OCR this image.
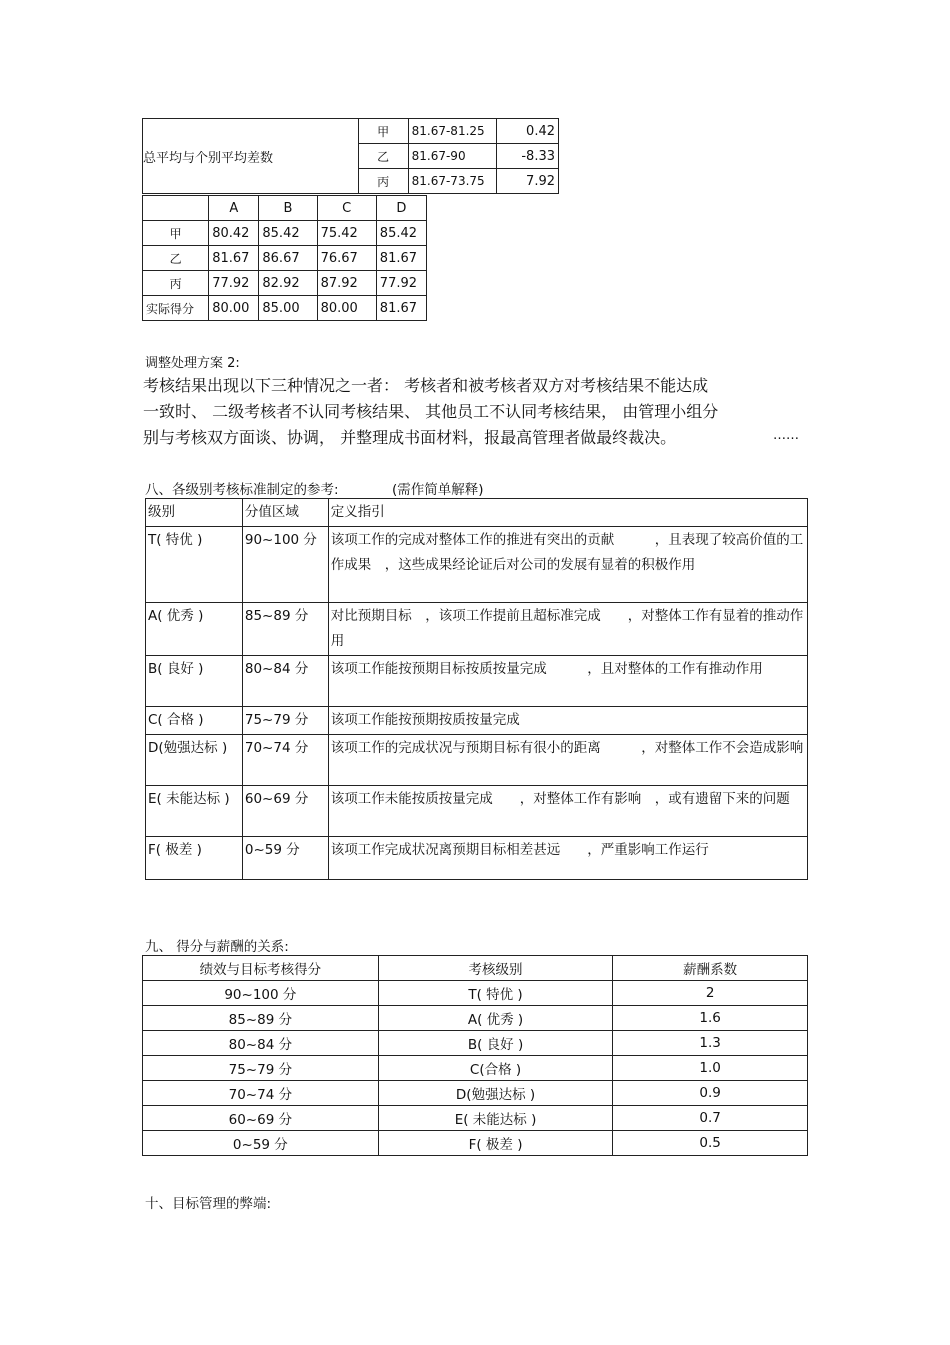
总平均与个别平均差数	甲	81.67-81.25	0.42
	乙	81.67-90	-8.33
	丙	81.67-73.75	7.92
	A	B	C	D
甲	80.42	85.42	75.42	85.42
乙	81.67	86.67	76.67	81.67
丙	77.92	82.92	87.92	77.92
实际得分	80.00	85.00	80.00	81.67
调整处理方案 2:
考核结果出现以下三种情况之一者： 考核者和被考核者双方对考核结果不能达成
一致时、 二级考核者不认同考核结果、 其他员工不认同考核结果， 由管理小组分
别与考核双方面谈、协调， 并整理成书面材料，报最高管理者做最终裁决。	……
八、各级别考核标准制定的参考:	(需作简单解释)
级别	分值区域	定义指引
T( 特优 )	90~100 分	该项工作的完成对整体工作的推进有突出的贡献　　　，且表现了较高价值的工作成果　，这些成果经论证后对公司的发展有显着的积极作用
A( 优秀 )	85~89 分	对比预期目标　，该项工作提前且超标准完成　　，对整体工作有显着的推动作用
B( 良好 )	80~84 分	该项工作能按预期目标按质按量完成　　　，且对整体的工作有推动作用
C( 合格 )	75~79 分	该项工作能按预期按质按量完成
D(勉强达标 )	70~74 分	该项工作的完成状况与预期目标有很小的距离　　　，对整体工作不会造成影响
E( 未能达标 )	60~69 分	该项工作未能按质按量完成　　，对整体工作有影响　，或有遗留下来的问题
F( 极差 )	0~59 分	该项工作完成状况离预期目标相差甚远　　，严重影响工作运行
九、 得分与薪酬的关系:
绩效与目标考核得分	考核级别	薪酬系数
90~100 分	T( 特优 )	2
85~89 分	A( 优秀 )	1.6
80~84 分	B( 良好 )	1.3
75~79 分	C(合格 )	1.0
70~74 分	D(勉强达标 )	0.9
60~69 分	E( 未能达标 )	0.7
0~59 分	F( 极差 )	0.5
十、目标管理的弊端:
